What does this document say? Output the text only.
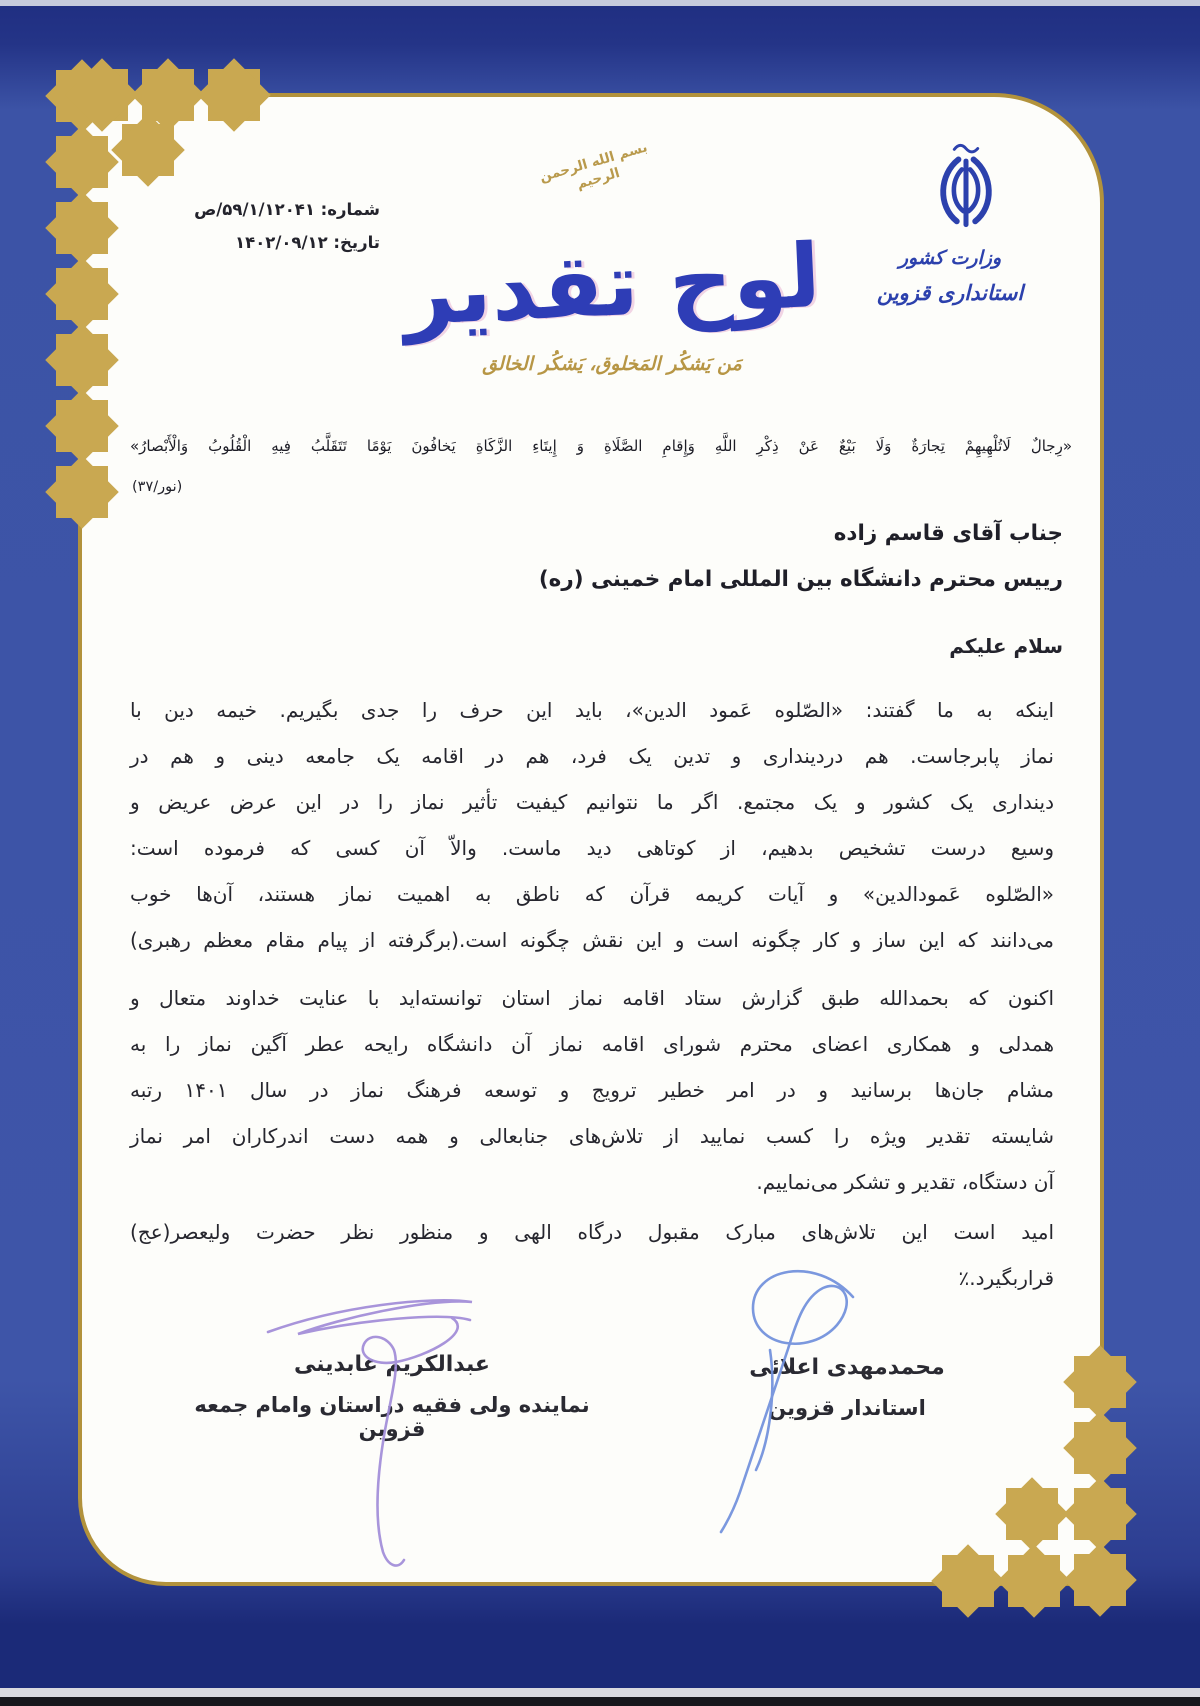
شماره: ۵۹/۱/۱۲۰۴۱/ص
تاریخ: ۱۴۰۲/۰۹/۱۲
بسم الله الرحمن الرحیم
لوح تقدیر
مَن یَشکُر المَخلوق، یَشکُر الخالق
وزارت کشور
استانداری قزوین
«رِجالٌ لَاتُلْهِيهِمْ تِجارَةٌ وَلَا بَيْعٌ عَنْ ذِكْرِ اللَّهِ وَإِقامِ الصَّلَاةِ وَ إِيتَاءِ الزَّكَاةِ يَخافُونَ يَوْمًا تَتَقَلَّبُ فِيهِ الْقُلُوبُ وَالْأَبْصارُ»
(نور/۳۷)
جناب آقای قاسم زاده
رییس محترم دانشگاه بین المللی امام خمینی (ره)
سلام علیکم
اینکه به ما گفتند: «الصّلوه عَمود الدین»، باید این حرف را جدی بگیریم. خیمه دین با
نماز پابرجاست. هم دردینداری و تدین یک فرد، هم در اقامه یک جامعه دینی و هم در
دینداری یک کشور و یک مجتمع. اگر ما نتوانیم کیفیت تأثیر نماز را در این عرض عریض و
وسیع درست تشخیص بدهیم، از کوتاهی دید ماست. والاّ آن کسی که فرموده است:
«الصّلوه عَمودالدین» و آیات کریمه قرآن که ناطق به اهمیت نماز هستند، آن‌ها خوب
می‌دانند که این ساز و کار چگونه است و این نقش چگونه است.(برگرفته از پیام مقام معظم رهبری)
اکنون که بحمدالله طبق گزارش ستاد اقامه نماز استان توانسته‌اید با عنایت خداوند متعال و
همدلی و همکاری اعضای محترم شورای اقامه نماز آن دانشگاه رایحه عطر آگین نماز را به
مشام جان‌ها برسانید و در امر خطیر ترویج و توسعه فرهنگ نماز در سال ۱۴۰۱ رتبه
شایسته تقدیر ویژه را کسب نمایید از تلاش‌های جنابعالی و همه دست اندرکاران امر نماز
آن دستگاه، تقدیر و تشکر می‌نماییم.
امید است این تلاش‌های مبارک مقبول درگاه الهی و منظور نظر حضرت ولیعصر(عج)
قراربگیرد.٪
محمدمهدی اعلائی
استاندار قزوین
عبدالکریم عابدینی
نماینده ولی فقیه دراستان وامام جمعه قزوین
